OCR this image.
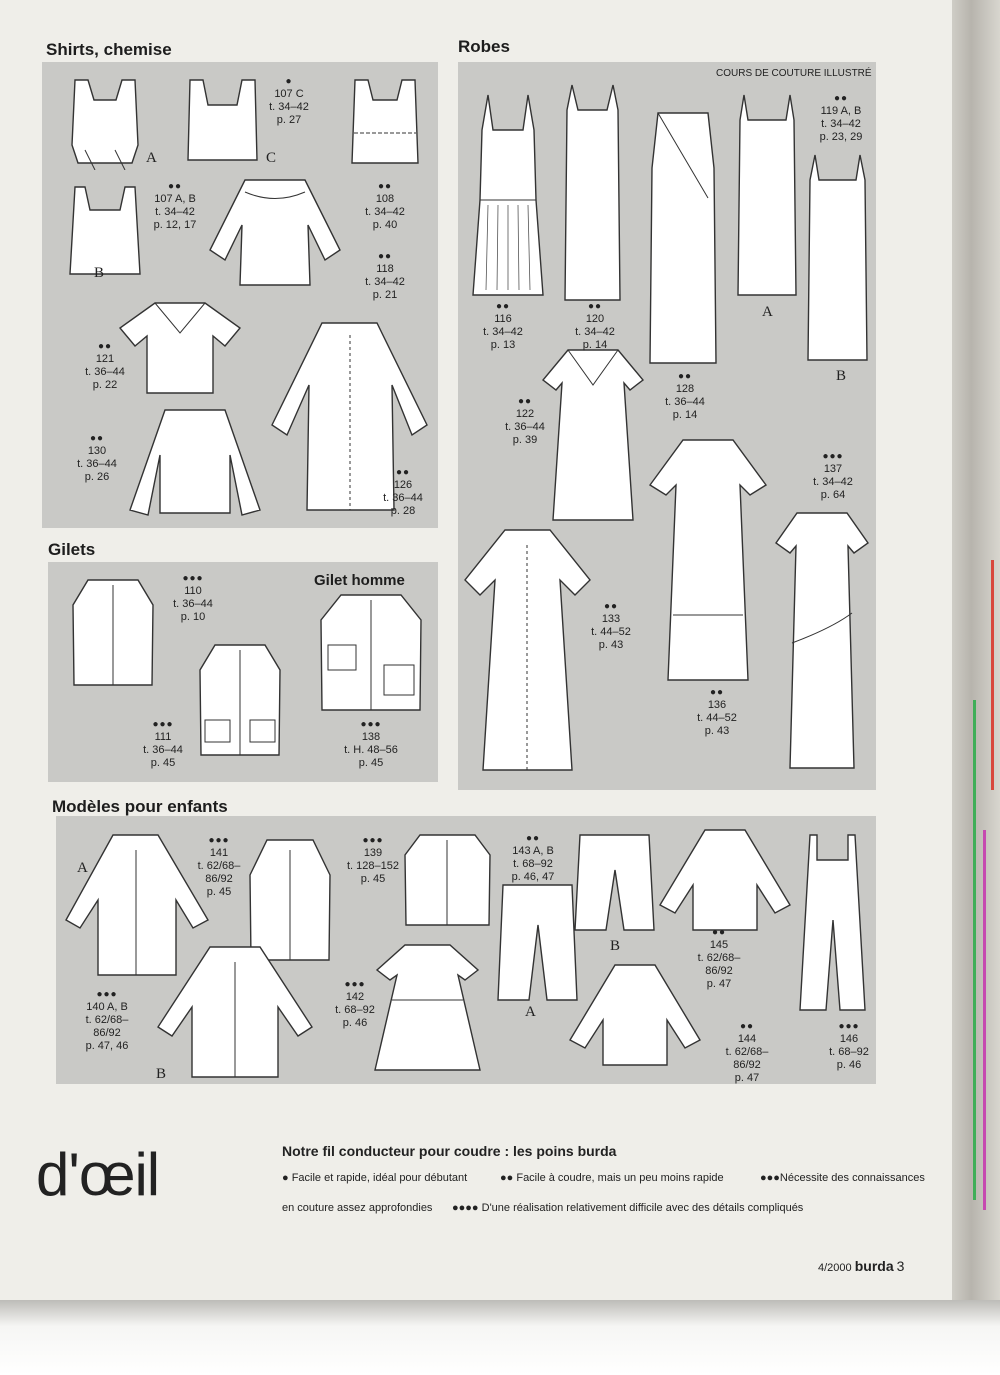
Shirts, chemise	Robes
Gilets
Gilet homme
Modèles pour enfants
COURS DE COUTURE ILLUSTRÉ
A	C
B
A
B
A
B
B
A
●
107 C
t. 34–42
p. 27
●●
107 A, B
t. 34–42
p. 12, 17
●●
108
t. 34–42
p. 40
●●
118
t. 34–42
p. 21
●●
121
t. 36–44
p. 22
●●
130
t. 36–44
p. 26	●●
126
t. 36–44
p. 28
●●
116
t. 34–42
p. 13
●●
120
t. 34–42
p. 14
●●
119 A, B
t. 34–42
p. 23, 29
●●
122
t. 36–44
p. 39
●●
128
t. 36–44
p. 14
●●●
137
t. 34–42
p. 64
●●
133
t. 44–52
p. 43
●●
136
t. 44–52
p. 43
●●●
110
t. 36–44
p. 10
●●●
111
t. 36–44
p. 45
●●●
138
t. H. 48–56
p. 45
●●●
141
t. 62/68–86/92
p. 45
●●●
139
t. 128–152
p. 45
●●
143 A, B
t. 68–92
p. 46, 47
●●●
140 A, B
t. 62/68–86/92
p. 47, 46
●●●
142
t. 68–92
p. 46
●●
145
t. 62/68–86/92
p. 47
●●
144
t. 62/68–86/92
p. 47
●●●
146
t. 68–92
p. 46
d'œil	Notre fil conducteur pour coudre : les poins burda
● Facile et rapide, idéal pour débutant	●● Facile à coudre, mais un peu moins rapide	●●●Nécessite des connaissances
en couture assez approfondies ●●●● D'une réalisation relativement difficile avec des détails compliqués
4/2000 burda 3
